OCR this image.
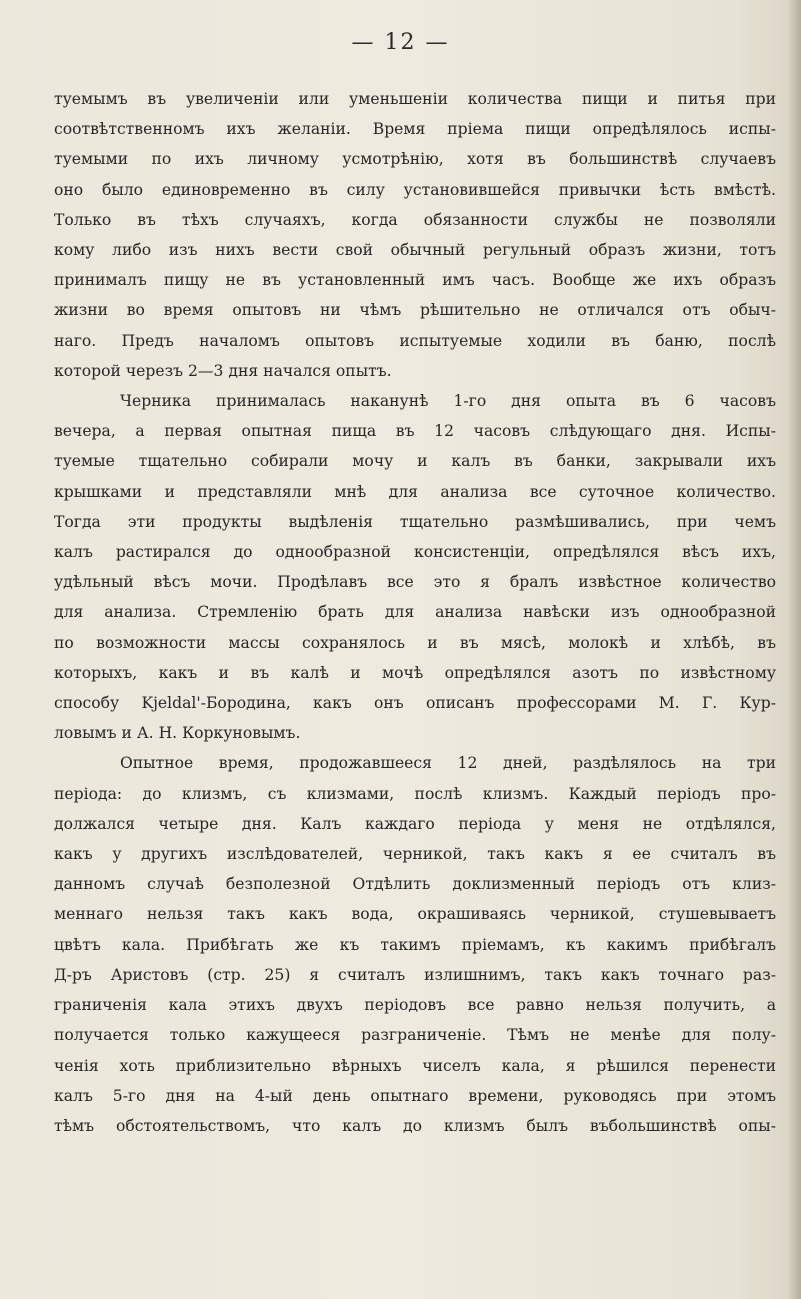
— 12 —

туемымъ въ увеличеніи или уменьшеніи количества пищи и питья при
соотвѣтственномъ ихъ желаніи. Время пріема пищи опредѣлялось испы-
туемыми по ихъ личному усмотрѣнію, хотя въ большинствѣ случаевъ
оно было единовременно въ силу установившейся привычки ѣсть вмѣстѣ.
Только въ тѣхъ случаяхъ, когда обязанности службы не позволяли
кому либо изъ нихъ вести свой обычный регульный образъ жизни, тотъ
принималъ пищу не въ установленный имъ часъ. Вообще же ихъ образъ
жизни во время опытовъ ни чѣмъ рѣшительно не отличался отъ обыч-
наго. Предъ началомъ опытовъ испытуемые ходили въ баню, послѣ
которой черезъ 2—3 дня начался опытъ.
Черника принималась наканунѣ 1-го дня опыта въ 6 часовъ
вечера, а первая опытная пища въ 12 часовъ слѣдующаго дня. Испы-
туемые тщательно собирали мочу и калъ въ банки, закрывали ихъ
крышками и представляли мнѣ для анализа все суточное количество.
Тогда эти продукты выдѣленія тщательно размѣшивались, при чемъ
калъ растирался до однообразной консистенціи, опредѣлялся вѣсъ ихъ,
удѣльный вѣсъ мочи. Продѣлавъ все это я бралъ извѣстное количество
для анализа. Стремленію брать для анализа навѣски изъ однообразной
по возможности массы сохранялось и въ мясѣ, молокѣ и хлѣбѣ, въ
которыхъ, какъ и въ калѣ и мочѣ опредѣлялся азотъ по извѣстному
способу Kjeldal'-Бородина, какъ онъ описанъ профессорами М. Г. Кур-
ловымъ и А. Н. Коркуновымъ.
Опытное время, продожавшееся 12 дней, раздѣлялось на три
періода: до клизмъ, съ клизмами, послѣ клизмъ. Каждый періодъ про-
должался четыре дня. Калъ каждаго періода у меня не отдѣлялся,
какъ у другихъ изслѣдователей, черникой, такъ какъ я ее считалъ въ
данномъ случаѣ безполезной Отдѣлить доклизменный періодъ отъ клиз-
меннаго нельзя такъ какъ вода, окрашиваясь черникой, стушевываетъ
цвѣтъ кала. Прибѣгать же къ такимъ пріемамъ, къ какимъ прибѣгалъ
Д-ръ Аристовъ (стр. 25) я считалъ излишнимъ, такъ какъ точнаго раз-
граниченія кала этихъ двухъ періодовъ все равно нельзя получить, а
получается только кажущееся разграниченіе. Тѣмъ не менѣе для полу-
ченія хоть приблизительно вѣрныхъ чиселъ кала, я рѣшился перенести
калъ 5-го дня на 4-ый день опытнаго времени, руководясь при этомъ
тѣмъ обстоятельствомъ, что калъ до клизмъ былъ въбольшинствѣ опы-
